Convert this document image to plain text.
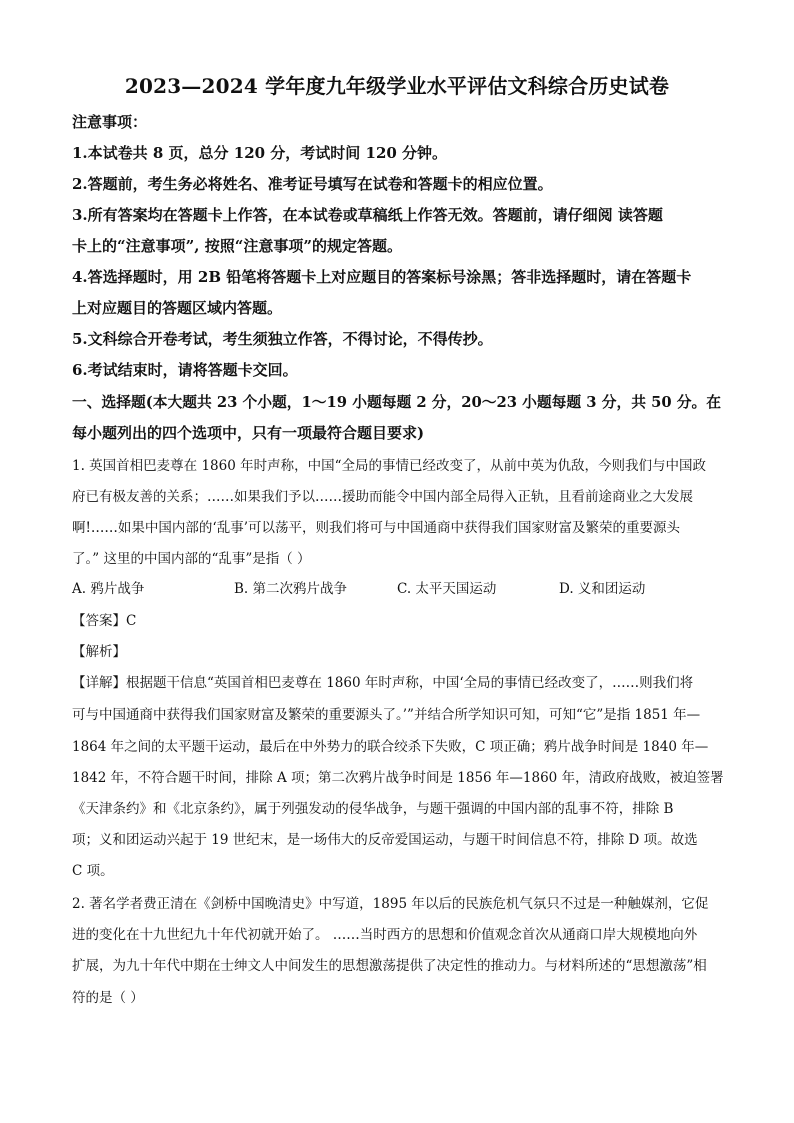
2023—2024 学年度九年级学业水平评估文科综合历史试卷
注意事项：
1.本试卷共 8 页，总分 120 分，考试时间 120 分钟。
2.答题前，考生务必将姓名、准考证号填写在试卷和答题卡的相应位置。
3.所有答案均在答题卡上作答，在本试卷或草稿纸上作答无效。答题前，请仔细阅 读答题
卡上的“注意事项”, 按照“注意事项”的规定答题。
4.答选择题时，用 2B 铅笔将答题卡上对应题目的答案标号涂黑；答非选择题时，请在答题卡
上对应题目的答题区域内答题。
5.文科综合开卷考试，考生须独立作答，不得讨论，不得传抄。
6.考试结束时，请将答题卡交回。
一、选择题(本大题共 23 个小题，1～19 小题每题 2 分，20～23 小题每题 3 分，共 50 分。在
每小题列出的四个选项中，只有一项最符合题目要求)
1. 英国首相巴麦尊在 1860 年时声称，中国“全局的事情已经改变了，从前中英为仇敌，今则我们与中国政
府已有极友善的关系；……如果我们予以……援助而能令中国内部全局得入正轨，且看前途商业之大发展
啊!……如果中国内部的‘乱事’可以荡平，则我们将可与中国通商中获得我们国家财富及繁荣的重要源头
了。” 这里的中国内部的“乱事”是指（ ）
A. 鸦片战争	B. 第二次鸦片战争	C. 太平天国运动	D. 义和团运动
【答案】C
【解析】
【详解】根据题干信息“英国首相巴麦尊在 1860 年时声称，中国‘全局的事情已经改变了，……则我们将
可与中国通商中获得我们国家财富及繁荣的重要源头了。’”并结合所学知识可知，可知“它”是指 1851 年—
1864 年之间的太平题干运动，最后在中外势力的联合绞杀下失败，C 项正确；鸦片战争时间是 1840 年—
1842 年，不符合题干时间，排除 A 项；第二次鸦片战争时间是 1856 年—1860 年，清政府战败，被迫签署
《天津条约》和《北京条约》，属于列强发动的侵华战争，与题干强调的中国内部的乱事不符，排除 B
项；义和团运动兴起于 19 世纪末，是一场伟大的反帝爱国运动，与题干时间信息不符，排除 D 项。故选
C 项。
2. 著名学者费正清在《剑桥中国晚清史》中写道，1895 年以后的民族危机气氛只不过是一种触媒剂，它促
进的变化在十九世纪九十年代初就开始了。 ……当时西方的思想和价值观念首次从通商口岸大规模地向外
扩展，为九十年代中期在士绅文人中间发生的思想激荡提供了决定性的推动力。与材料所述的“思想激荡”相
符的是（ ）
